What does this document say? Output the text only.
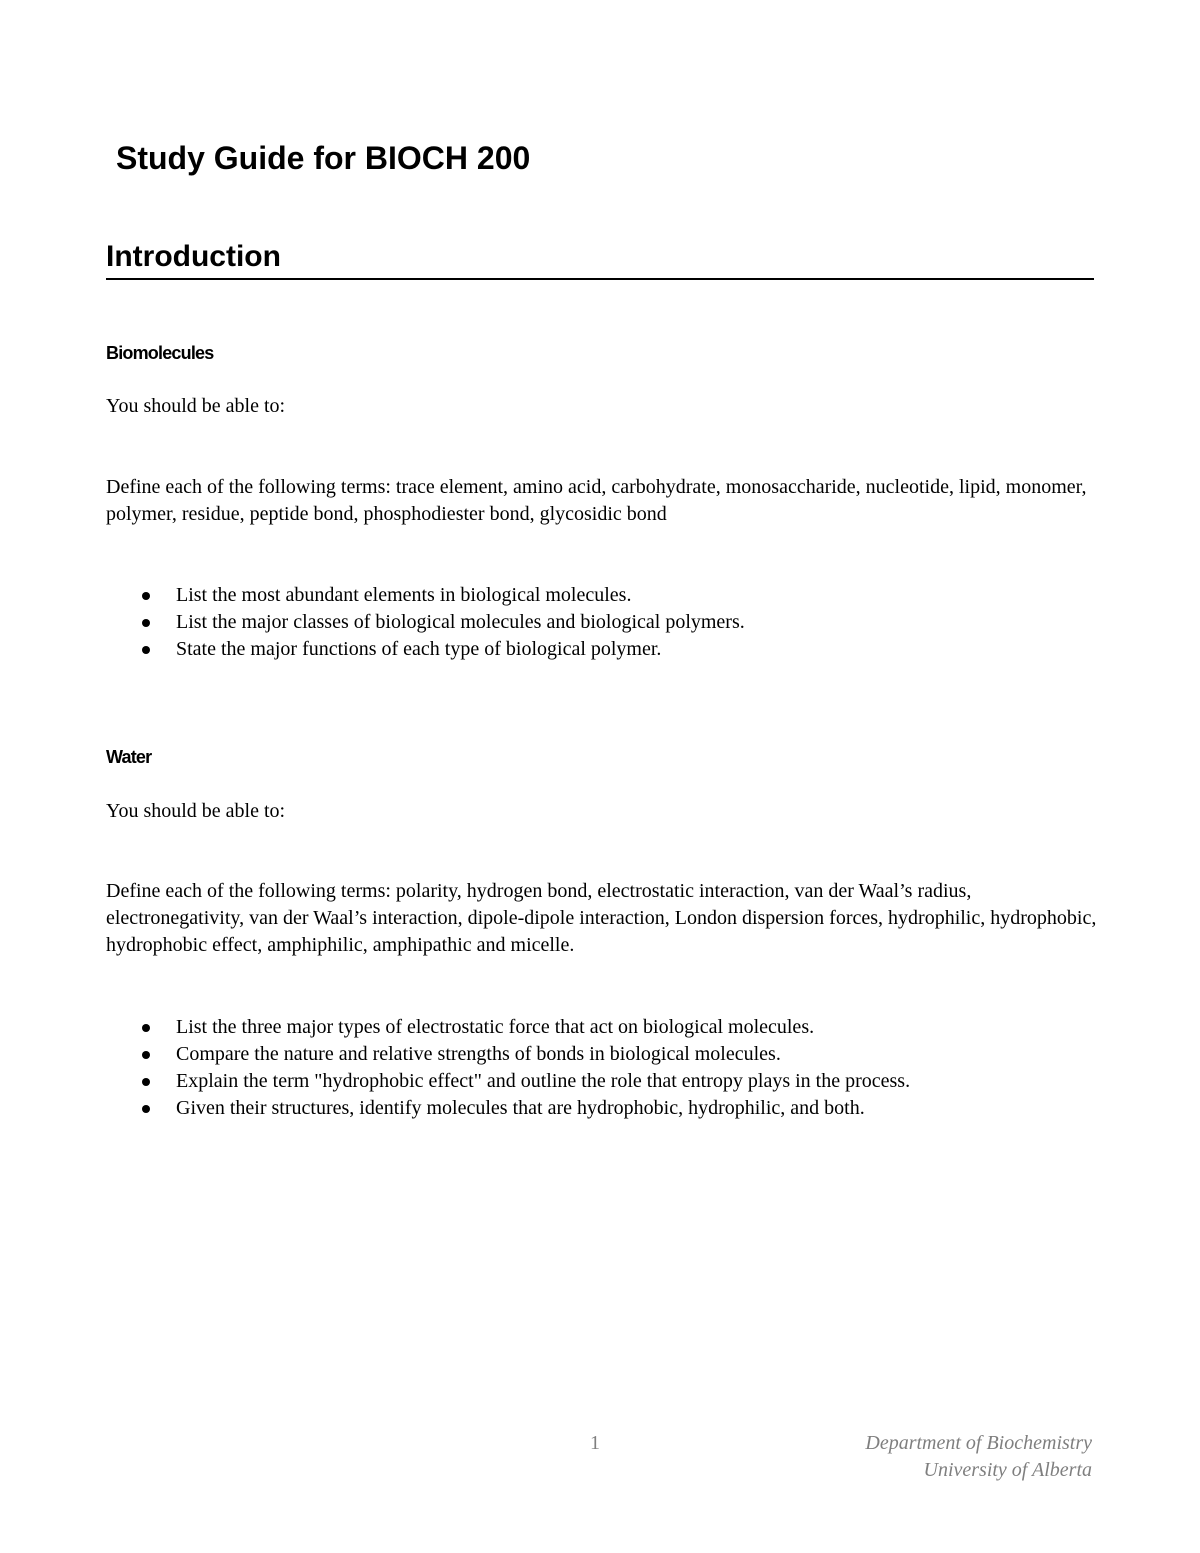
Study Guide for BIOCH 200
Introduction
Biomolecules

You should be able to:

Define each of the following terms: trace element, amino acid, carbohydrate, monosaccharide, nucleotide, lipid, monomer, polymer, residue, peptide bond, phosphodiester bond, glycosidic bond

List the most abundant elements in biological molecules.
List the major classes of biological molecules and biological polymers.
State the major functions of each type of biological polymer.
Water

You should be able to:

Define each of the following terms: polarity, hydrogen bond, electrostatic interaction, van der Waal’s radius, electronegativity, van der Waal’s interaction, dipole-dipole interaction, London dispersion forces, hydrophilic, hydrophobic, hydrophobic effect, amphiphilic, amphipathic and micelle.

List the three major types of electrostatic force that act on biological molecules.
Compare the nature and relative strengths of bonds in biological molecules.
Explain the term "hydrophobic effect" and outline the role that entropy plays in the process.
Given their structures, identify molecules that are hydrophobic, hydrophilic, and both.
1	Department of Biochemistry
University of Alberta
